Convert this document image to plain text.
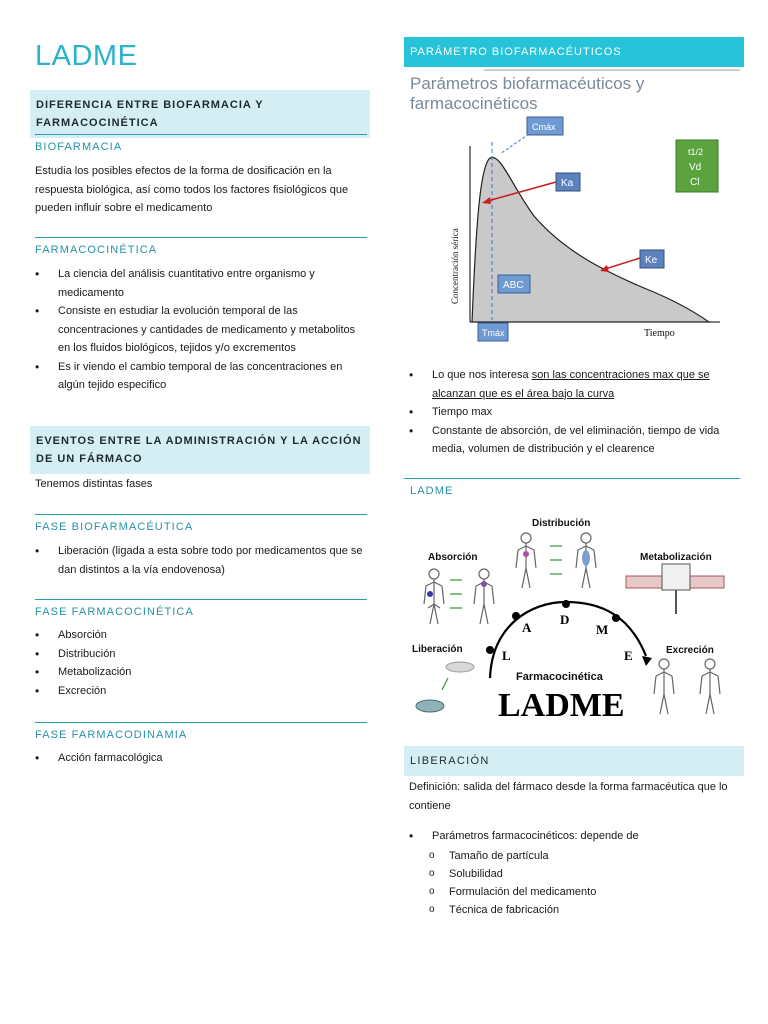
LADME
DIFERENCIA ENTRE BIOFARMACIA Y FARMACOCINÉTICA
BIOFARMACIA
Estudia los posibles efectos de la forma de dosificación en la respuesta biológica, así como todos los factores fisiológicos que pueden influir sobre el medicamento
FARMACOCINÉTICA
• La ciencia del análisis cuantitativo entre organismo y medicamento
• Consiste en estudiar la evolución temporal de las concentraciones y cantidades de medicamento y metabolitos en los fluidos biológicos, tejidos y/o excrementos
• Es ir viendo el cambio temporal de las concentraciones en algún tejido especifico
EVENTOS ENTRE LA ADMINISTRACIÓN Y LA ACCIÓN DE UN FÁRMACO
Tenemos distintas fases
FASE BIOFARMACÉUTICA
• Liberación (ligada a esta sobre todo por medicamentos que se dan distintos a la vía endovenosa)
FASE FARMACOCINÉTICA
• Absorción
• Distribución
• Metabolización
• Excreción
FASE FARMACODINAMIA
• Acción farmacológica
PARÁMETRO BIOFARMACÉUTICOS
Parámetros biofarmacéuticos y
farmacocinéticos
Cmáx
Ka
Ke
ABC
Tmáx
Concentración sérica
Tiempo
t1/2
Vd
Cl
• Lo que nos interesa son las concentraciones max que se alcanzan que es el área bajo la curva
• Tiempo max
• Constante de absorción, de vel eliminación, tiempo de vida media, volumen de distribución y el clearence
LADME
Distribución
Absorción	Metabolización
Liberación	Excreción
L
A
D
M
E
Farmacocinética
LADME
LIBERACIÓN
Definición: salida del fármaco desde la forma farmacéutica que lo contiene
• Parámetros farmacocinéticos: depende de
o Tamaño de partícula
o Solubilidad
o Formulación del medicamento
o Técnica de fabricación
